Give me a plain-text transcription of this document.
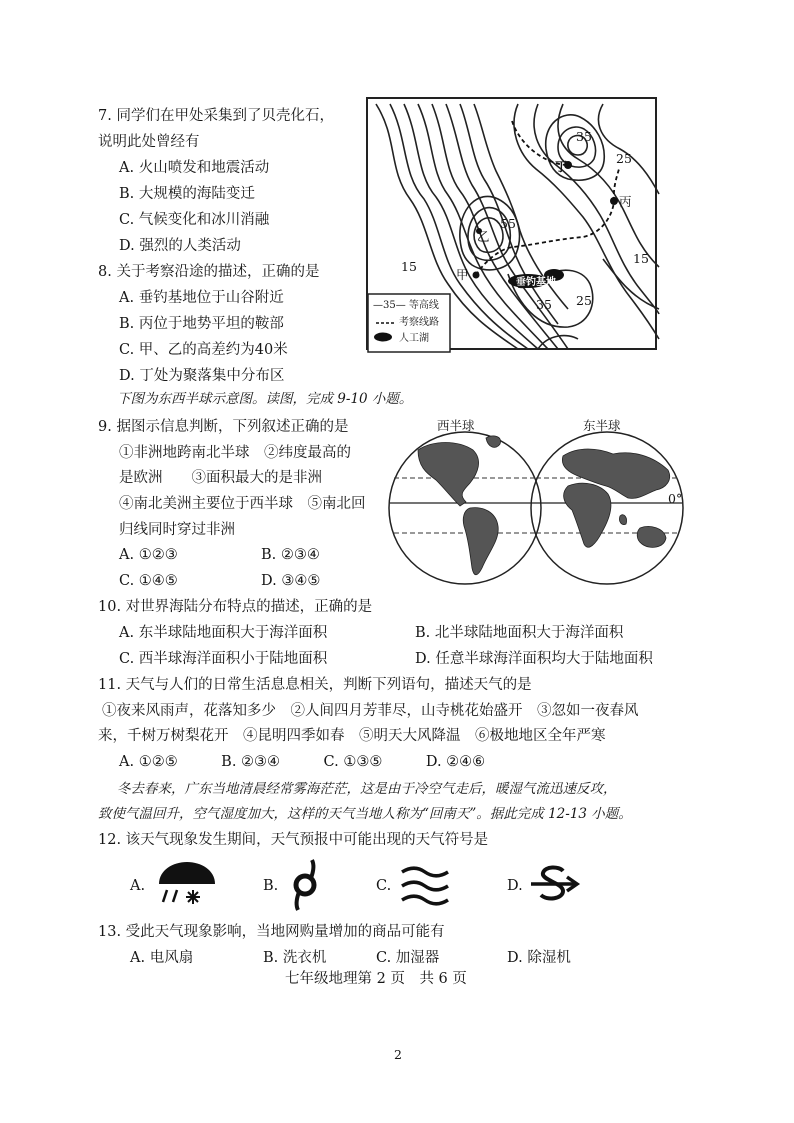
7. 同学们在甲处采集到了贝壳化石，
说明此处曾经有
A. 火山喷发和地震活动
B. 大规模的海陆变迁
C. 气候变化和冰川消融
D. 强烈的人类活动
8. 关于考察沿途的描述，正确的是
A. 垂钓基地位于山谷附近
B. 丙位于地势平坦的鞍部
C. 甲、乙的高差约为40米
D. 丁处为聚落集中分布区
35
25
丁
丙
55
乙
甲
15
15
垂钓基地
35 25
—35— 等高线
考察线路
人工湖
下图为东西半球示意图。读图，完成 9-10 小题。
9. 据图示信息判断，下列叙述正确的是
①非洲地跨南北半球　②纬度最高的
是欧洲　　③面积最大的是非洲
④南北美洲主要位于西半球　⑤南北回
归线同时穿过非洲
A. ①②③	B. ②③④
C. ①④⑤	D. ③④⑤
西半球	东半球
0°
10. 对世界海陆分布特点的描述，正确的是
A. 东半球陆地面积大于海洋面积	B. 北半球陆地面积大于海洋面积
C. 西半球海洋面积小于陆地面积	D. 任意半球海洋面积均大于陆地面积
11. 天气与人们的日常生活息息相关，判断下列语句，描述天气的是
①夜来风雨声，花落知多少　②人间四月芳菲尽，山寺桃花始盛开　③忽如一夜春风
来，千树万树梨花开　④昆明四季如春　⑤明天大风降温　⑥极地地区全年严寒
A. ①②⑤　　　B. ②③④　　　C. ①③⑤　　　D. ②④⑥
冬去春来，广东当地清晨经常雾海茫茫，这是由于冷空气走后，暖湿气流迅速反攻，
致使气温回升，空气湿度加大，这样的天气当地人称为“回南天”。据此完成 12-13 小题。
12. 该天气现象发生期间，天气预报中可能出现的天气符号是
A.	B.	C.	D.
13. 受此天气现象影响，当地网购量增加的商品可能有
A. 电风扇	B. 洗衣机	C. 加湿器	D. 除湿机
七年级地理第 2 页　共 6 页
2
